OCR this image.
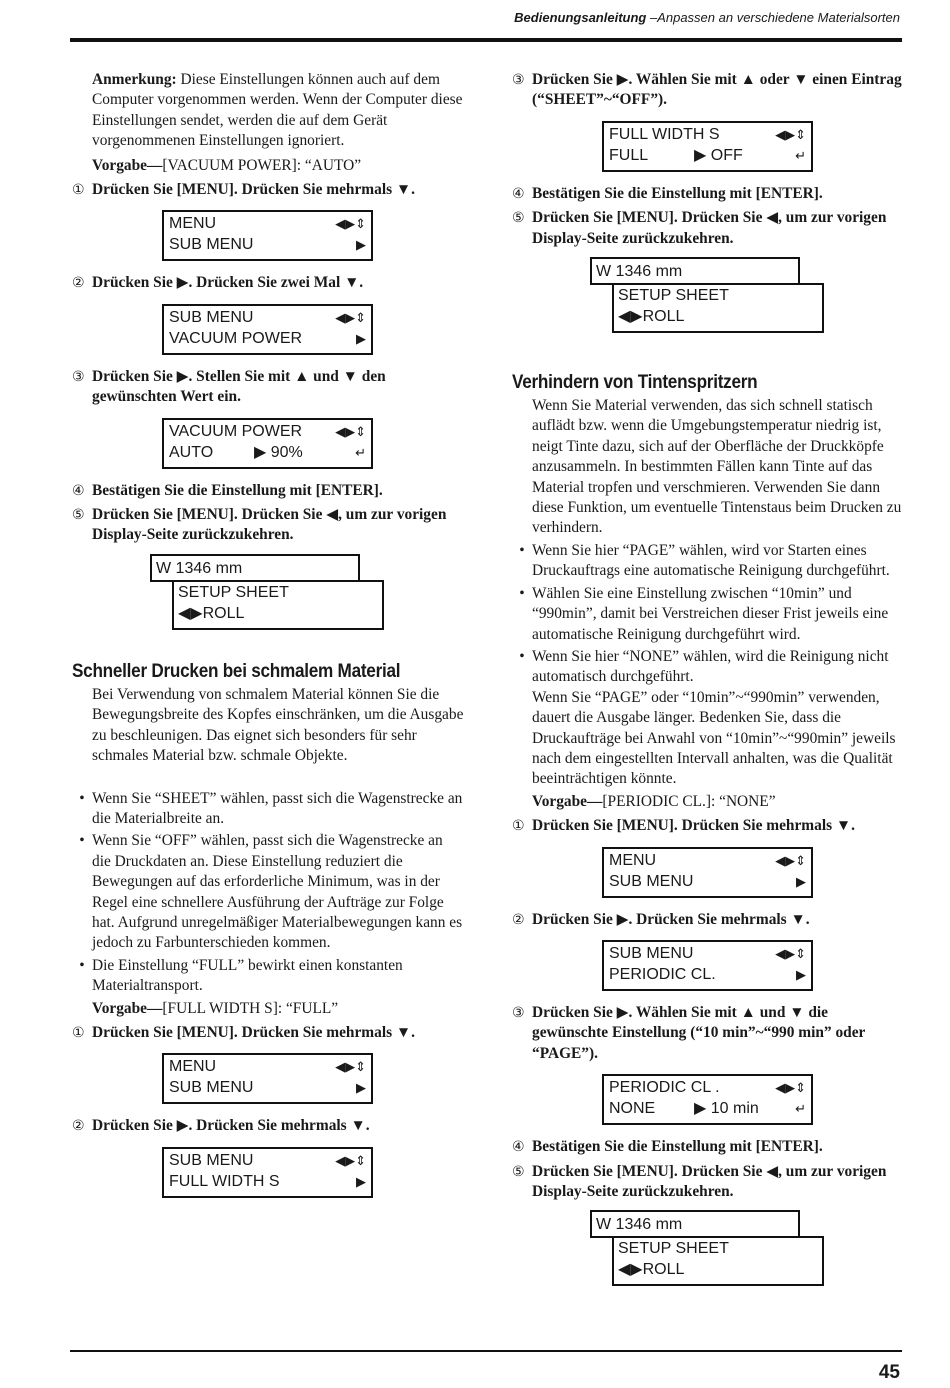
Bedienungsanleitung –Anpassen an verschiedene Materialsorten

Anmerkung: Diese Einstellungen können auch auf dem Computer vorgenommen werden. Wenn der Computer diese Einstellungen sendet, werden die auf dem Gerät vorgenommenen Einstellungen ignoriert.

Vorgabe—[VACUUM POWER]: “AUTO”

① Drücken Sie [MENU]. Drücken Sie mehrmals ▼.
MENU	◀▶⇕
SUB MENU	▶
② Drücken Sie ▶. Drücken Sie zwei Mal ▼.
SUB MENU	◀▶⇕
VACUUM POWER	▶
③ Drücken Sie ▶. Stellen Sie mit ▲ und ▼ den gewünschten Wert ein.
VACUUM POWER	◀▶⇕
AUTO	▶ 90%	↵
④ Bestätigen Sie die Einstellung mit [ENTER].
⑤ Drücken Sie [MENU]. Drücken Sie ◀, um zur vorigen Display-Seite zurückzukehren.
W 1346 mm
SETUP SHEET
◀▶ROLL
Schneller Drucken bei schmalem Material

Bei Verwendung von schmalem Material können Sie die Bewegungsbreite des Kopfes einschränken, um die Ausgabe zu beschleunigen. Das eignet sich besonders für sehr schmales Material bzw. schmale Objekte.

• Wenn Sie “SHEET” wählen, passt sich die Wagenstrecke an die Materialbreite an.
• Wenn Sie “OFF” wählen, passt sich die Wagenstrecke an die Druckdaten an. Diese Einstellung reduziert die Bewegungen auf das erforderliche Minimum, was in der Regel eine schnellere Ausführung der Aufträge zur Folge hat. Aufgrund unregelmäßiger Materialbewegungen kann es jedoch zu Farbunterschieden kommen.
• Die Einstellung “FULL” bewirkt einen konstanten Materialtransport.

Vorgabe—[FULL WIDTH S]: “FULL”

① Drücken Sie [MENU]. Drücken Sie mehrmals ▼.
MENU	◀▶⇕
SUB MENU	▶
② Drücken Sie ▶. Drücken Sie mehrmals ▼.
SUB MENU	◀▶⇕
FULL WIDTH S	▶
③ Drücken Sie ▶. Wählen Sie mit ▲ oder ▼ einen Eintrag (“SHEET”~“OFF”).
FULL WIDTH S	◀▶⇕
FULL	▶ OFF	↵
④ Bestätigen Sie die Einstellung mit [ENTER].
⑤ Drücken Sie [MENU]. Drücken Sie ◀, um zur vorigen Display-Seite zurückzukehren.
W 1346 mm
SETUP SHEET
◀▶ROLL
Verhindern von Tintenspritzern

Wenn Sie Material verwenden, das sich schnell statisch auflädt bzw. wenn die Umgebungstemperatur niedrig ist, neigt Tinte dazu, sich auf der Oberfläche der Druckköpfe anzusammeln. In bestimmten Fällen kann Tinte auf das Material tropfen und verschmieren. Verwenden Sie dann diese Funktion, um eventuelle Tintenstaus beim Drucken zu verhindern.

• Wenn Sie hier “PAGE” wählen, wird vor Starten eines Druckauftrags eine automatische Reinigung durchgeführt.
• Wählen Sie eine Einstellung zwischen “10min” und “990min”, damit bei Verstreichen dieser Frist jeweils eine automatische Reinigung durchgeführt wird.
• Wenn Sie hier “NONE” wählen, wird die Reinigung nicht automatisch durchgeführt.
Wenn Sie “PAGE” oder “10min”~“990min” verwenden, dauert die Ausgabe länger. Bedenken Sie, dass die Druckaufträge bei Anwahl von “10min”~“990min” jeweils nach dem eingestellten Intervall anhalten, was die Qualität beeinträchtigen könnte.

Vorgabe—[PERIODIC CL.]: “NONE”

① Drücken Sie [MENU]. Drücken Sie mehrmals ▼.
MENU	◀▶⇕
SUB MENU	▶
② Drücken Sie ▶. Drücken Sie mehrmals ▼.
SUB MENU	◀▶⇕
PERIODIC CL.	▶
③ Drücken Sie ▶. Wählen Sie mit ▲ und ▼ die gewünschte Einstellung (“10 min”~“990 min” oder “PAGE”).
PERIODIC CL .	◀▶⇕
NONE ▶ 10 min	↵
④ Bestätigen Sie die Einstellung mit [ENTER].
⑤ Drücken Sie [MENU]. Drücken Sie ◀, um zur vorigen Display-Seite zurückzukehren.
W 1346 mm
SETUP SHEET
◀▶ROLL
45
